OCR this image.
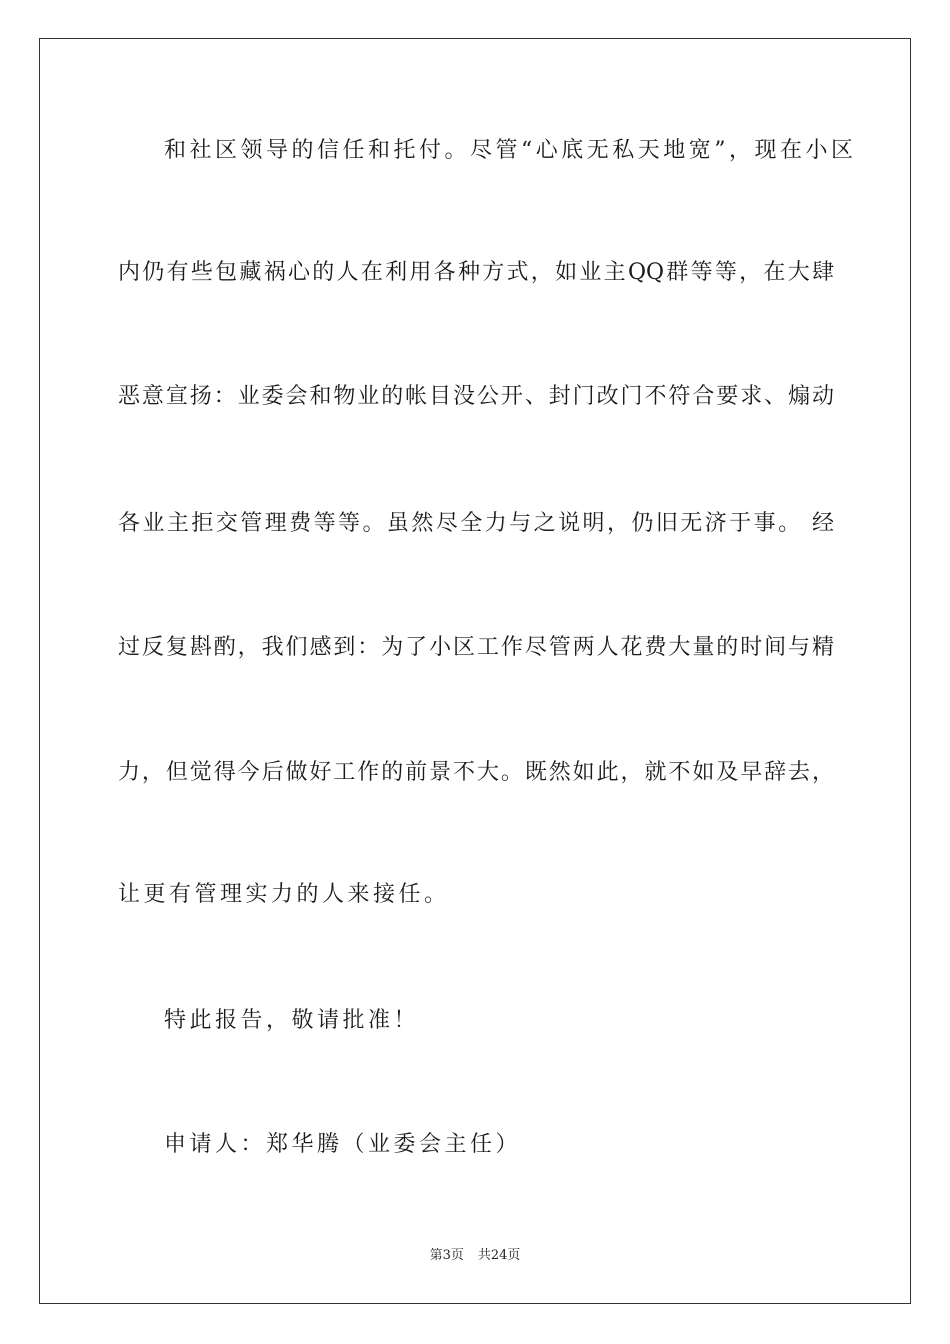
和社区领导的信任和托付。尽管“心底无私天地宽”，现在小区
内仍有些包藏祸心的人在利用各种方式，如业主QQ群等等，在大肆
恶意宣扬：业委会和物业的帐目没公开、封门改门不符合要求、煽动
各业主拒交管理费等等。虽然尽全力与之说明，仍旧无济于事。 经
过反复斟酌，我们感到：为了小区工作尽管两人花费大量的时间与精
力，但觉得今后做好工作的前景不大。既然如此，就不如及早辞去，
让更有管理实力的人来接任。
特此报告，敬请批准！
申请人：郑华腾（业委会主任）
第3页 共24页
